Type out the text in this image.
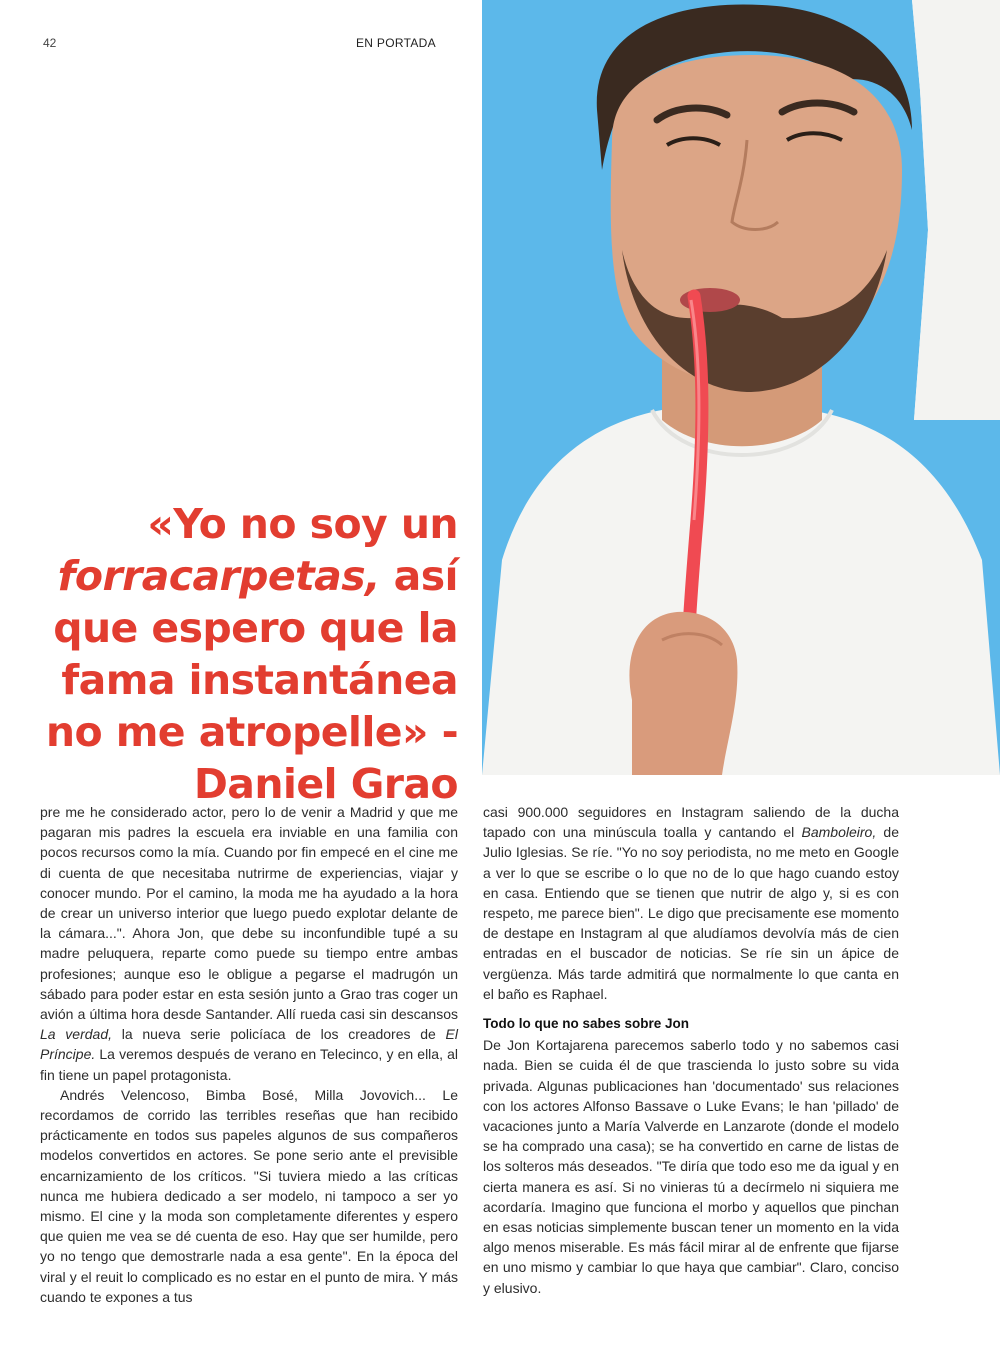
42	EN PORTADA
«Yo no soy un forracarpetas, así que espero que la fama instantánea no me atropelle» - Daniel Grao

pre me he considerado actor, pero lo de venir a Madrid y que me pagaran mis padres la escuela era inviable en una familia con pocos recursos como la mía. Cuando por fin empecé en el cine me di cuenta de que necesitaba nutrirme de experiencias, viajar y conocer mundo. Por el camino, la moda me ha ayudado a la hora de crear un universo interior que luego puedo explotar delante de la cámara...". Ahora Jon, que debe su inconfundible tupé a su madre peluquera, reparte como puede su tiempo entre ambas profesiones; aunque eso le obligue a pegarse el madrugón un sábado para poder estar en esta sesión junto a Grao tras coger un avión a última hora desde Santander. Allí rueda casi sin descansos La verdad, la nueva serie policíaca de los creadores de El Príncipe. La veremos después de verano en Telecinco, y en ella, al fin tiene un papel protagonista.

Andrés Velencoso, Bimba Bosé, Milla Jovovich... Le recordamos de corrido las terribles reseñas que han recibido prácticamente en todos sus papeles algunos de sus compañeros modelos convertidos en actores. Se pone serio ante el previsible encarnizamiento de los críticos. "Si tuviera miedo a las críticas nunca me hubiera dedicado a ser modelo, ni tampoco a ser yo mismo. El cine y la moda son completamente diferentes y espero que quien me vea se dé cuenta de eso. Hay que ser humilde, pero yo no tengo que demostrarle nada a esa gente". En la época del viral y el reuit lo complicado es no estar en el punto de mira. Y más cuando te expones a tus

casi 900.000 seguidores en Instagram saliendo de la ducha tapado con una minúscula toalla y cantando el Bamboleiro, de Julio Iglesias. Se ríe. "Yo no soy periodista, no me meto en Google a ver lo que se escribe o lo que no de lo que hago cuando estoy en casa. Entiendo que se tienen que nutrir de algo y, si es con respeto, me parece bien". Le digo que precisamente ese momento de destape en Instagram al que aludíamos devolvía más de cien entradas en el buscador de noticias. Se ríe sin un ápice de vergüenza. Más tarde admitirá que normalmente lo que canta en el baño es Raphael.

Todo lo que no sabes sobre Jon

De Jon Kortajarena parecemos saberlo todo y no sabemos casi nada. Bien se cuida él de que trascienda lo justo sobre su vida privada. Algunas publicaciones han 'documentado' sus relaciones con los actores Alfonso Bassave o Luke Evans; le han 'pillado' de vacaciones junto a María Valverde en Lanzarote (donde el modelo se ha comprado una casa); se ha convertido en carne de listas de los solteros más deseados. "Te diría que todo eso me da igual y en cierta manera es así. Si no vinieras tú a decírmelo ni siquiera me acordaría. Imagino que funciona el morbo y aquellos que pinchan en esas noticias simplemente buscan tener un momento en la vida algo menos miserable. Es más fácil mirar al de enfrente que fijarse en uno mismo y cambiar lo que haya que cambiar". Claro, conciso y elusivo.
